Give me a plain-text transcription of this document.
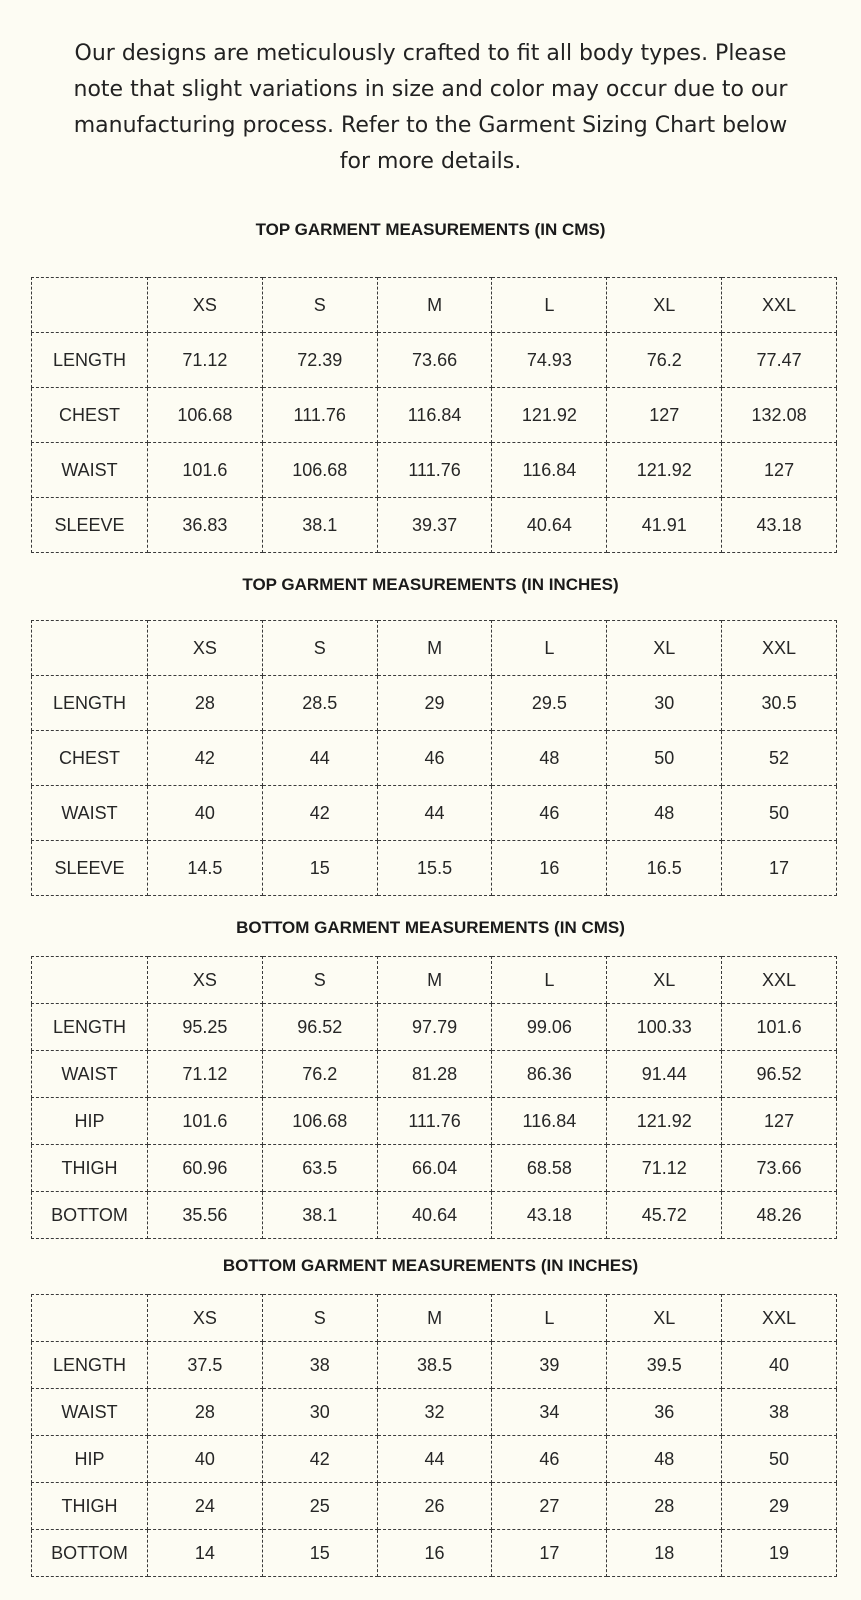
Our designs are meticulously crafted to fit all body types. Please
note that slight variations in size and color may occur due to our
manufacturing process. Refer to the Garment Sizing Chart below
for more details.

TOP GARMENT MEASUREMENTS (IN CMS)
	XS	S	M	L	XL	XXL
LENGTH	71.12	72.39	73.66	74.93	76.2	77.47
CHEST	106.68	111.76	116.84	121.92	127	132.08
WAIST	101.6	106.68	111.76	116.84	121.92	127
SLEEVE	36.83	38.1	39.37	40.64	41.91	43.18
TOP GARMENT MEASUREMENTS (IN INCHES)
	XS	S	M	L	XL	XXL
LENGTH	28	28.5	29	29.5	30	30.5
CHEST	42	44	46	48	50	52
WAIST	40	42	44	46	48	50
SLEEVE	14.5	15	15.5	16	16.5	17
BOTTOM GARMENT MEASUREMENTS (IN CMS)
	XS	S	M	L	XL	XXL
LENGTH	95.25	96.52	97.79	99.06	100.33	101.6
WAIST	71.12	76.2	81.28	86.36	91.44	96.52
HIP	101.6	106.68	111.76	116.84	121.92	127
THIGH	60.96	63.5	66.04	68.58	71.12	73.66
BOTTOM	35.56	38.1	40.64	43.18	45.72	48.26
BOTTOM GARMENT MEASUREMENTS (IN INCHES)
	XS	S	M	L	XL	XXL
LENGTH	37.5	38	38.5	39	39.5	40
WAIST	28	30	32	34	36	38
HIP	40	42	44	46	48	50
THIGH	24	25	26	27	28	29
BOTTOM	14	15	16	17	18	19
